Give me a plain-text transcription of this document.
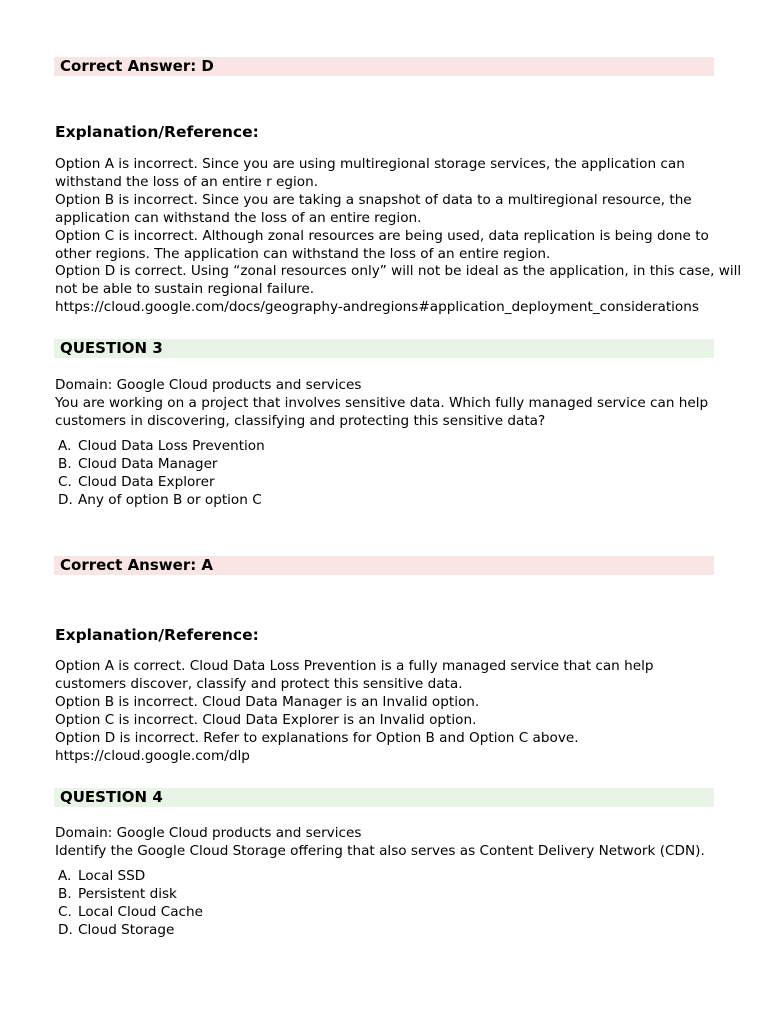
Correct Answer: D
Explanation/Reference:
Option A is incorrect. Since you are using multiregional storage services, the application can
withstand the loss of an entire r egion.
Option B is incorrect. Since you are taking a snapshot of data to a multiregional resource, the
application can withstand the loss of an entire region.
Option C is incorrect. Although zonal resources are being used, data replication is being done to
other regions. The application can withstand the loss of an entire region.
Option D is correct. Using “zonal resources only” will not be ideal as the application, in this case, will
not be able to sustain regional failure.
https://cloud.google.com/docs/geography-andregions#application_deployment_considerations
QUESTION 3
Domain: Google Cloud products and services
You are working on a project that involves sensitive data. Which fully managed service can help
customers in discovering, classifying and protecting this sensitive data?
A. Cloud Data Loss Prevention
B. Cloud Data Manager
C. Cloud Data Explorer
D. Any of option B or option C
Correct Answer: A
Explanation/Reference:
Option A is correct. Cloud Data Loss Prevention is a fully managed service that can help
customers discover, classify and protect this sensitive data.
Option B is incorrect. Cloud Data Manager is an Invalid option.
Option C is incorrect. Cloud Data Explorer is an Invalid option.
Option D is incorrect. Refer to explanations for Option B and Option C above.
https://cloud.google.com/dlp
QUESTION 4
Domain: Google Cloud products and services
Identify the Google Cloud Storage offering that also serves as Content Delivery Network (CDN).
A. Local SSD
B. Persistent disk
C. Local Cloud Cache
D. Cloud Storage
